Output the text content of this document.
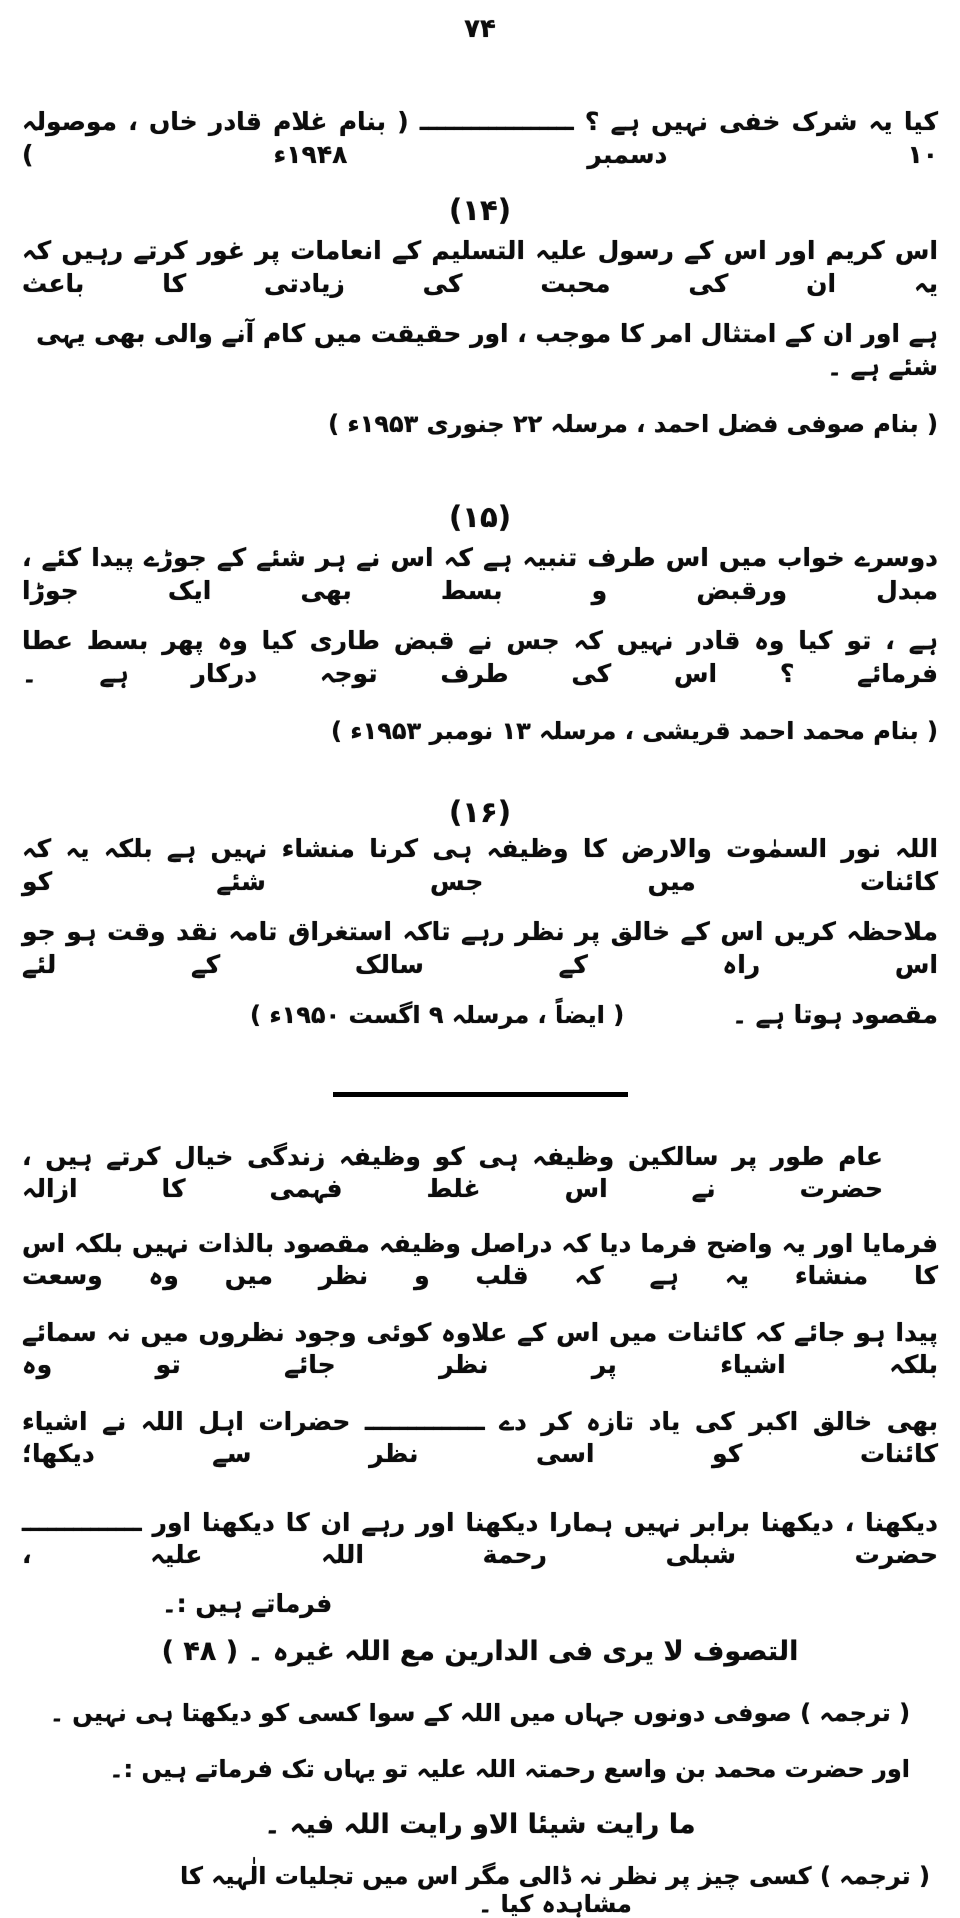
۷۴
کیا یہ شرک خفی نہیں ہے ؟ ــــــــــــــــــ ( بنام غلام قادر خاں ، موصولہ ۱۰ دسمبر ۱۹۴۸ء )
(۱۴)
اس کریم اور اس کے رسول علیہ التسلیم کے انعامات پر غور کرتے رہیں کہ یہ ان کی محبت کی زیادتی کا باعث
ہے اور ان کے امتثال امر کا موجب ، اور حقیقت میں کام آنے والی بھی یہی شئے ہے ۔
( بنام صوفی فضل احمد ، مرسلہ ۲۲ جنوری ۱۹۵۳ء )
(۱۵)
دوسرے خواب میں اس طرف تنبیہ ہے کہ اس نے ہر شئے کے جوڑے پیدا کئے ، مبدل ورقبض و بسط بھی ایک جوڑا
ہے ، تو کیا وہ قادر نہیں کہ جس نے قبض طاری کیا وہ پھر بسط عطا فرمائے ؟ اس کی طرف توجہ درکار ہے ۔
( بنام محمد احمد قریشی ، مرسلہ ۱۳ نومبر ۱۹۵۳ء )
(۱۶)
اللہ نور السمٰوت والارض کا وظیفہ ہی کرنا منشاء نہیں ہے بلکہ یہ کہ کائنات میں جس شئے کو
ملاحظہ کریں اس کے خالق پر نظر رہے تاکہ استغراق تامہ نقد وقت ہو جو اس راہ کے سالک کے لئے
مقصود ہوتا ہے ۔
( ایضاً ، مرسلہ ۹ اگست ۱۹۵۰ء )
عام طور پر سالکین وظیفہ ہی کو وظیفہ زندگی خیال کرتے ہیں ، حضرت نے اس غلط فہمی کا ازالہ
فرمایا اور یہ واضح فرما دیا کہ دراصل وظیفہ مقصود بالذات نہیں بلکہ اس کا منشاء یہ ہے کہ قلب و نظر میں وہ وسعت
پیدا ہو جائے کہ کائنات میں اس کے علاوہ کوئی وجود نظروں میں نہ سمائے بلکہ اشیاء پر نظر جائے تو وہ
بھی خالق اکبر کی یاد تازہ کر دے ــــــــــــــ حضرات اہل اللہ نے اشیاء کائنات کو اسی نظر سے دیکھا؛
دیکھنا ، دیکھنا برابر نہیں ہمارا دیکھنا اور رہے ان کا دیکھنا اور ــــــــــــــ حضرت شبلی رحمة اللہ علیہ ،
فرماتے ہیں :۔
التصوف لا یری فی الدارین مع اللہ غیرہ ۔ ( ۴۸ )
( ترجمہ ) صوفی دونوں جہاں میں اللہ کے سوا کسی کو دیکھتا ہی نہیں ۔
اور حضرت محمد بن واسع رحمتہ اللہ علیہ تو یہاں تک فرماتے ہیں :۔
ما رایت شیئا الاو رایت اللہ فیہ ۔
( ترجمہ ) کسی چیز پر نظر نہ ڈالی مگر اس میں تجلیات الٰہیہ کا مشاہدہ کیا ۔
